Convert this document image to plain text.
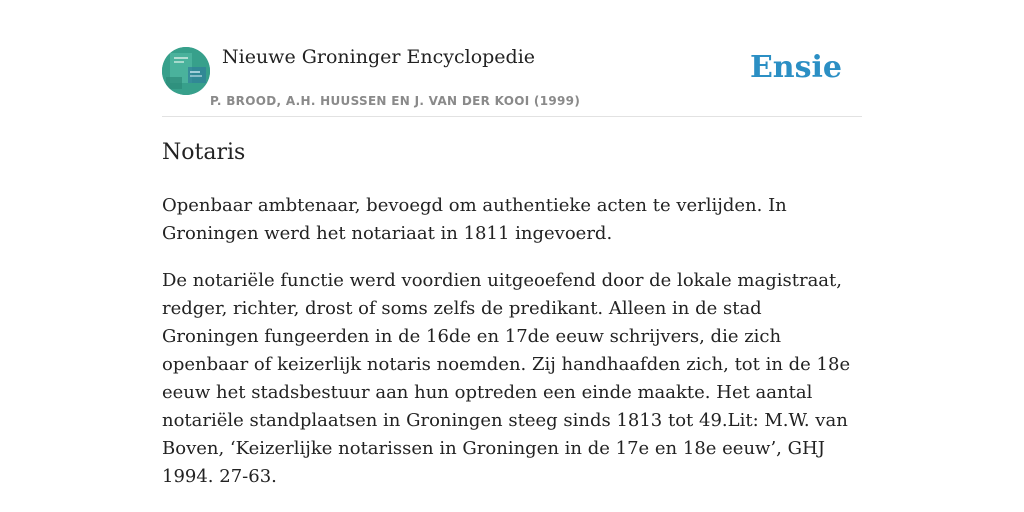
Nieuwe Groninger Encyclopedie
P. BROOD, A.H. HUUSSEN EN J. VAN DER KOOI (1999)
Ensie
Notaris

Openbaar ambtenaar, bevoegd om authentieke acten te verlijden. In Groningen werd het notariaat in 1811 ingevoerd.

De notariële functie werd voordien uitgeoefend door de lokale magistraat, redger, richter, drost of soms zelfs de predikant. Alleen in de stad Groningen fungeerden in de 16de en 17de eeuw schrijvers, die zich openbaar of keizerlijk notaris noemden. Zij handhaafden zich, tot in de 18e eeuw het stadsbestuur aan hun optreden een einde maakte. Het aantal notariële standplaatsen in Groningen steeg sinds 1813 tot 49.Lit: M.W. van Boven, ‘Keizerlijke notarissen in Groningen in de 17e en 18e eeuw’, GHJ 1994. 27-63.
